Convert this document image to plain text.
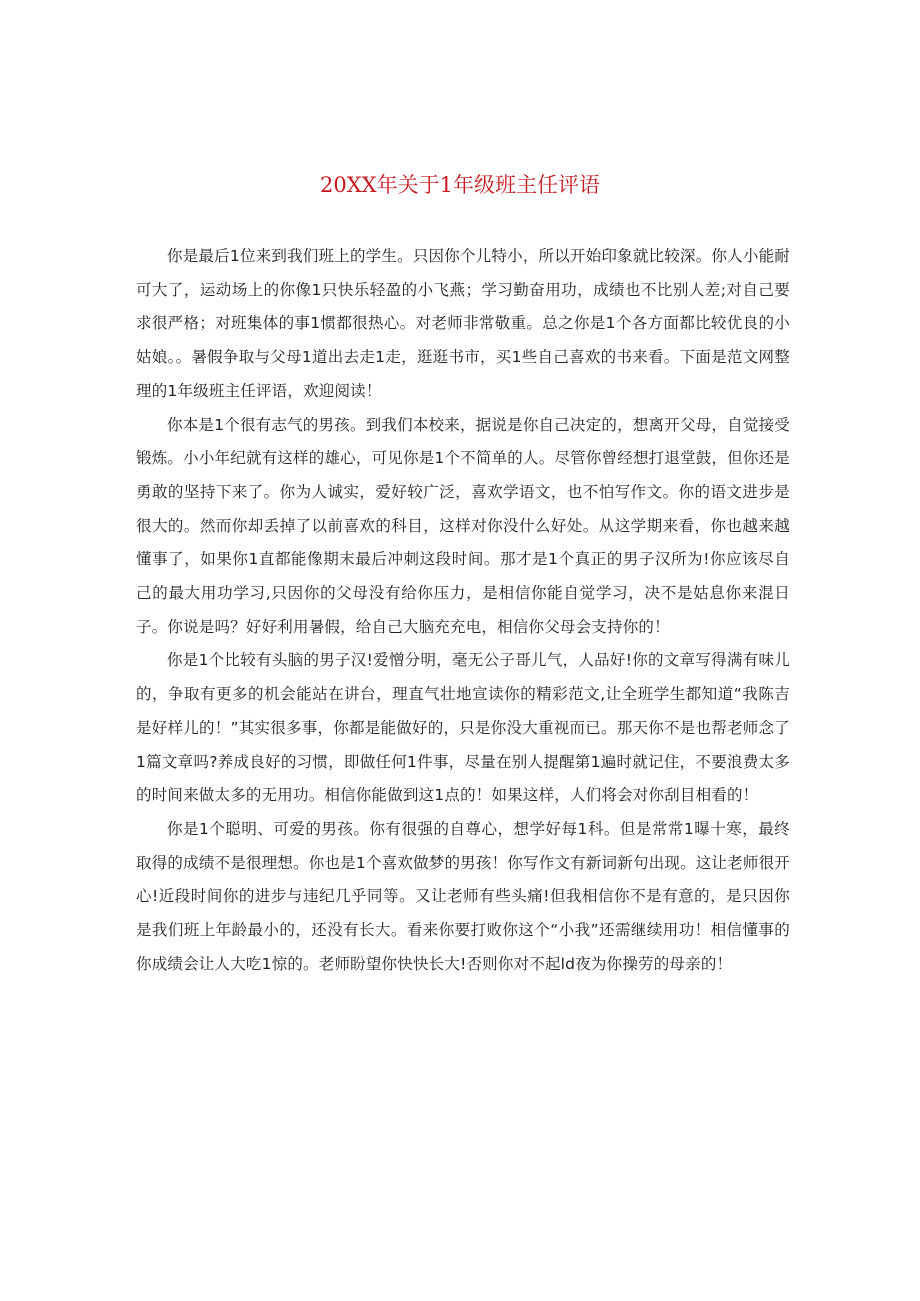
20XX年关于1年级班主任评语

你是最后1位来到我们班上的学生。只因你个儿特小，所以开始印象就比较深。你人小能耐可大了，运动场上的你像1只快乐轻盈的小飞燕；学习勤奋用功，成绩也不比别人差;对自己要求很严格；对班集体的事1惯都很热心。对老师非常敬重。总之你是1个各方面都比较优良的小姑娘。。暑假争取与父母1道出去走1走，逛逛书市，买1些自己喜欢的书来看。下面是范文网整理的1年级班主任评语，欢迎阅读！

你本是1个很有志气的男孩。到我们本校来，据说是你自己决定的，想离开父母，自觉接受锻炼。小小年纪就有这样的雄心，可见你是1个不简单的人。尽管你曾经想打退堂鼓，但你还是勇敢的坚持下来了。你为人诚实，爱好较广泛，喜欢学语文，也不怕写作文。你的语文进步是很大的。然而你却丢掉了以前喜欢的科目，这样对你没什么好处。从这学期来看，你也越来越懂事了，如果你1直都能像期末最后冲刺这段时间。那才是1个真正的男子汉所为!你应该尽自己的最大用功学习,只因你的父母没有给你压力，是相信你能自觉学习，决不是姑息你来混日子。你说是吗？好好利用暑假，给自己大脑充充电，相信你父母会支持你的！

你是1个比较有头脑的男子汉!爱憎分明，毫无公子哥儿气，人品好!你的文章写得满有味儿的，争取有更多的机会能站在讲台，理直气壮地宣读你的精彩范文,让全班学生都知道“我陈吉是好样儿的！”其实很多事，你都是能做好的，只是你没大重视而已。那天你不是也帮老师念了1篇文章吗?养成良好的习惯，即做任何1件事，尽量在别人提醒第1遍时就记住，不要浪费太多的时间来做太多的无用功。相信你能做到这1点的！如果这样，人们将会对你刮目相看的！

你是1个聪明、可爱的男孩。你有很强的自尊心，想学好每1科。但是常常1曝十寒，最终取得的成绩不是很理想。你也是1个喜欢做梦的男孩！你写作文有新词新句出现。这让老师很开心!近段时间你的进步与违纪几乎同等。又让老师有些头痛!但我相信你不是有意的，是只因你是我们班上年龄最小的，还没有长大。看来你要打败你这个“小我”还需继续用功！相信懂事的你成绩会让人大吃1惊的。老师盼望你快快长大!否则你对不起ld夜为你操劳的母亲的！
